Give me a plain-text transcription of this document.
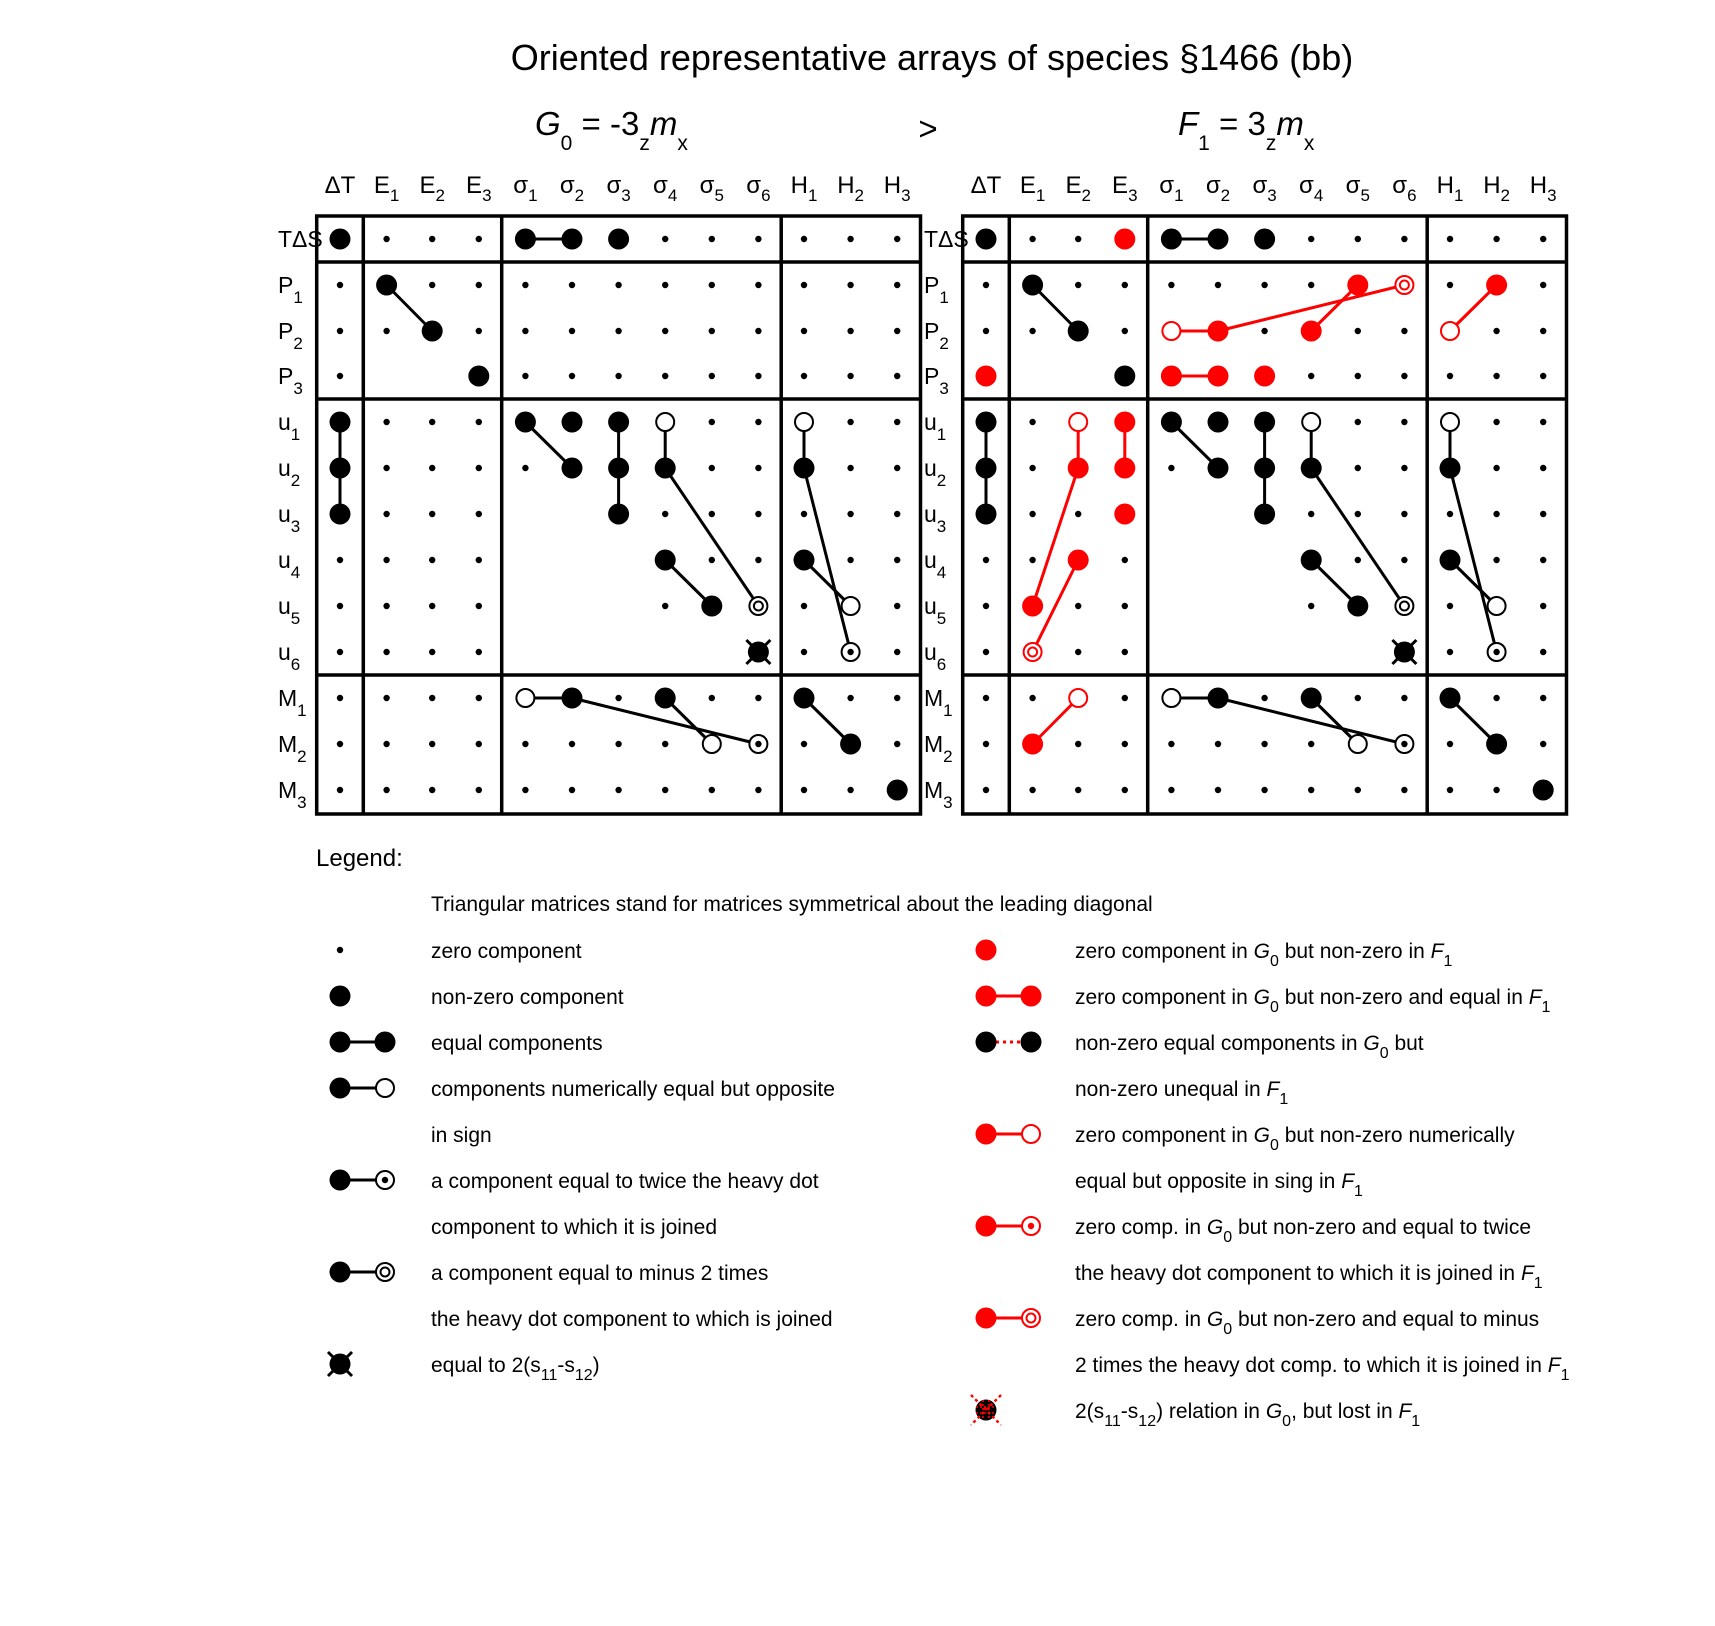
Oriented representative arrays of species §1466 (bb)
$G_0 = -3_zm_x$	>	$F_1 = 3_zm_x$
ΔT $E_1$ $E_2$ $E_3$ $\sigma_1$ $\sigma_2$ $\sigma_3$ $\sigma_4$ $\sigma_5$ $\sigma_6$ $H_1$ $H_2$ $H_3$
TΔS
$P_1$
$P_2$
$P_3$
$u_1$
$u_2$
$u_3$
$u_4$
$u_5$
$u_6$
$M_1$
$M_2$
$M_3$
ΔT $E_1$ $E_2$ $E_3$ $\sigma_1$ $\sigma_2$ $\sigma_3$ $\sigma_4$ $\sigma_5$ $\sigma_6$ $H_1$ $H_2$ $H_3$
TΔS
$P_1$
$P_2$
$P_3$
$u_1$
$u_2$
$u_3$
$u_4$
$u_5$
$u_6$
$M_1$
$M_2$
$M_3$
Legend:
Triangular matrices stand for matrices symmetrical about the leading diagonal
zero component
non-zero component
equal components
components numerically equal but opposite
in sign
a component equal to twice the heavy dot
component to which it is joined
a component equal to minus 2 times
the heavy dot component to which is joined
equal to $2(s_{11}-s_{12})$
zero component in $G_0$ but non-zero in $F_1$
zero component in $G_0$ but non-zero and equal in $F_1$
non-zero equal components in $G_0$ but
non-zero unequal in $F_1$
zero component in $G_0$ but non-zero numerically
equal but opposite in sing in $F_1$
zero comp. in $G_0$ but non-zero and equal to twice
the heavy dot component to which it is joined in $F_1$
zero comp. in $G_0$ but non-zero and equal to minus
2 times the heavy dot comp. to which it is joined in $F_1$
$2(s_{11}-s_{12})$ relation in $G_0$, but lost in $F_1$
